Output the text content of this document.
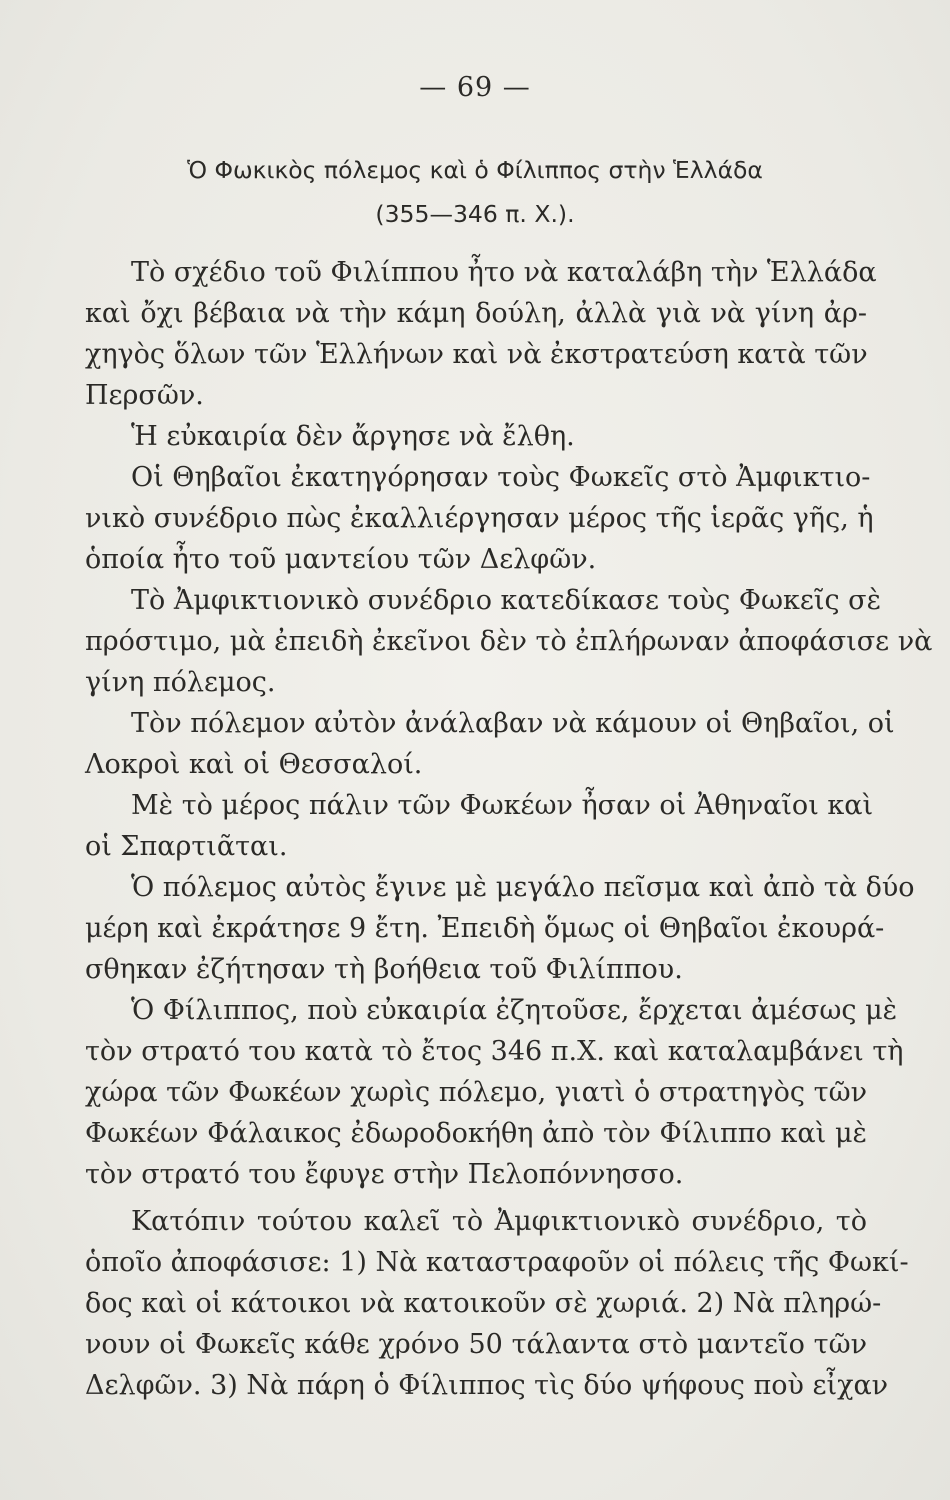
— 69 —
Ὁ Φωκικὸς πόλεμος καὶ ὁ Φίλιππος στὴν Ἑλλάδα
(355—346 π. Χ.).
Τὸ σχέδιο τοῦ Φιλίππου ἦτο νὰ καταλάβη τὴν Ἑλλάδα
καὶ ὄχι βέβαια νὰ τὴν κάμη δούλη, ἀλλὰ γιὰ νὰ γίνη ἀρ-
χηγὸς ὅλων τῶν Ἑλλήνων καὶ νὰ ἐκστρατεύση κατὰ τῶν
Περσῶν.
Ἡ εὐκαιρία δὲν ἄργησε νὰ ἔλθη.
Οἱ Θηβαῖοι ἐκατηγόρησαν τοὺς Φωκεῖς στὸ Ἀμφικτιο-
νικὸ συνέδριο πὼς ἐκαλλιέργησαν μέρος τῆς ἱερᾶς γῆς, ἡ
ὁποία ἦτο τοῦ μαντείου τῶν Δελφῶν.
Τὸ Ἀμφικτιονικὸ συνέδριο κατεδίκασε τοὺς Φωκεῖς σὲ
πρόστιμο, μὰ ἐπειδὴ ἐκεῖνοι δὲν τὸ ἐπλήρωναν ἀποφάσισε νὰ
γίνη πόλεμος.
Τὸν πόλεμον αὐτὸν ἀνάλαβαν νὰ κάμουν οἱ Θηβαῖοι, οἱ
Λοκροὶ καὶ οἱ Θεσσαλοί.
Μὲ τὸ μέρος πάλιν τῶν Φωκέων ἦσαν οἱ Ἀθηναῖοι καὶ
οἱ Σπαρτιᾶται.
Ὁ πόλεμος αὐτὸς ἔγινε μὲ μεγάλο πεῖσμα καὶ ἀπὸ τὰ δύο
μέρη καὶ ἐκράτησε 9 ἔτη. Ἐπειδὴ ὅμως οἱ Θηβαῖοι ἐκουρά-
σθηκαν ἐζήτησαν τὴ βοήθεια τοῦ Φιλίππου.
Ὁ Φίλιππος, ποὺ εὐκαιρία ἐζητοῦσε, ἔρχεται ἀμέσως μὲ
τὸν στρατό του κατὰ τὸ ἔτος 346 π.Χ. καὶ καταλαμβάνει τὴ
χώρα τῶν Φωκέων χωρὶς πόλεμο, γιατὶ ὁ στρατηγὸς τῶν
Φωκέων Φάλαικος ἐδωροδοκήθη ἀπὸ τὸν Φίλιππο καὶ μὲ
τὸν στρατό του ἔφυγε στὴν Πελοπόννησσο.
Κατόπιν τούτου καλεῖ τὸ Ἀμφικτιονικὸ συνέδριο, τὸ
ὁποῖο ἀποφάσισε: 1) Νὰ καταστραφοῦν οἱ πόλεις τῆς Φωκί-
δος καὶ οἱ κάτοικοι νὰ κατοικοῦν σὲ χωριά. 2) Νὰ πληρώ-
νουν οἱ Φωκεῖς κάθε χρόνο 50 τάλαντα στὸ μαντεῖο τῶν
Δελφῶν. 3) Νὰ πάρη ὁ Φίλιππος τὶς δύο ψήφους ποὺ εἶχαν
